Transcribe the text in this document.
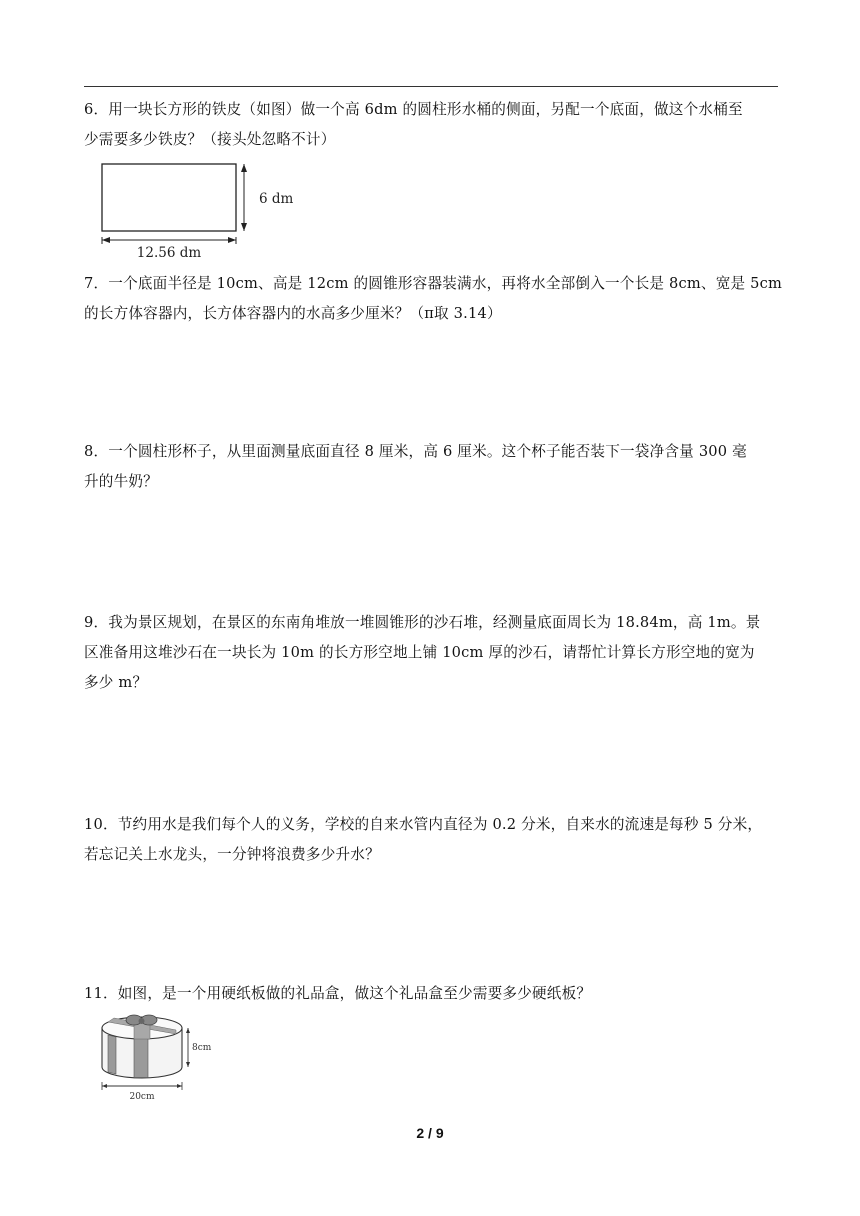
6．用一块长方形的铁皮（如图）做一个高 6dm 的圆柱形水桶的侧面，另配一个底面，做这个水桶至
少需要多少铁皮？（接头处忽略不计）
6 dm
12.56 dm
7．一个底面半径是 10cm、高是 12cm 的圆锥形容器装满水，再将水全部倒入一个长是 8cm、宽是 5cm
的长方体容器内，长方体容器内的水高多少厘米？（π取 3.14）
8．一个圆柱形杯子，从里面测量底面直径 8 厘米，高 6 厘米。这个杯子能否装下一袋净含量 300 毫
升的牛奶？
9．我为景区规划，在景区的东南角堆放一堆圆锥形的沙石堆，经测量底面周长为 18.84m，高 1m。景
区准备用这堆沙石在一块长为 10m 的长方形空地上铺 10cm 厚的沙石，请帮忙计算长方形空地的宽为
多少 m？
10．节约用水是我们每个人的义务，学校的自来水管内直径为 0.2 分米，自来水的流速是每秒 5 分米，
若忘记关上水龙头，一分钟将浪费多少升水？
11．如图，是一个用硬纸板做的礼品盒，做这个礼品盒至少需要多少硬纸板？
8cm
20cm
2 / 9
